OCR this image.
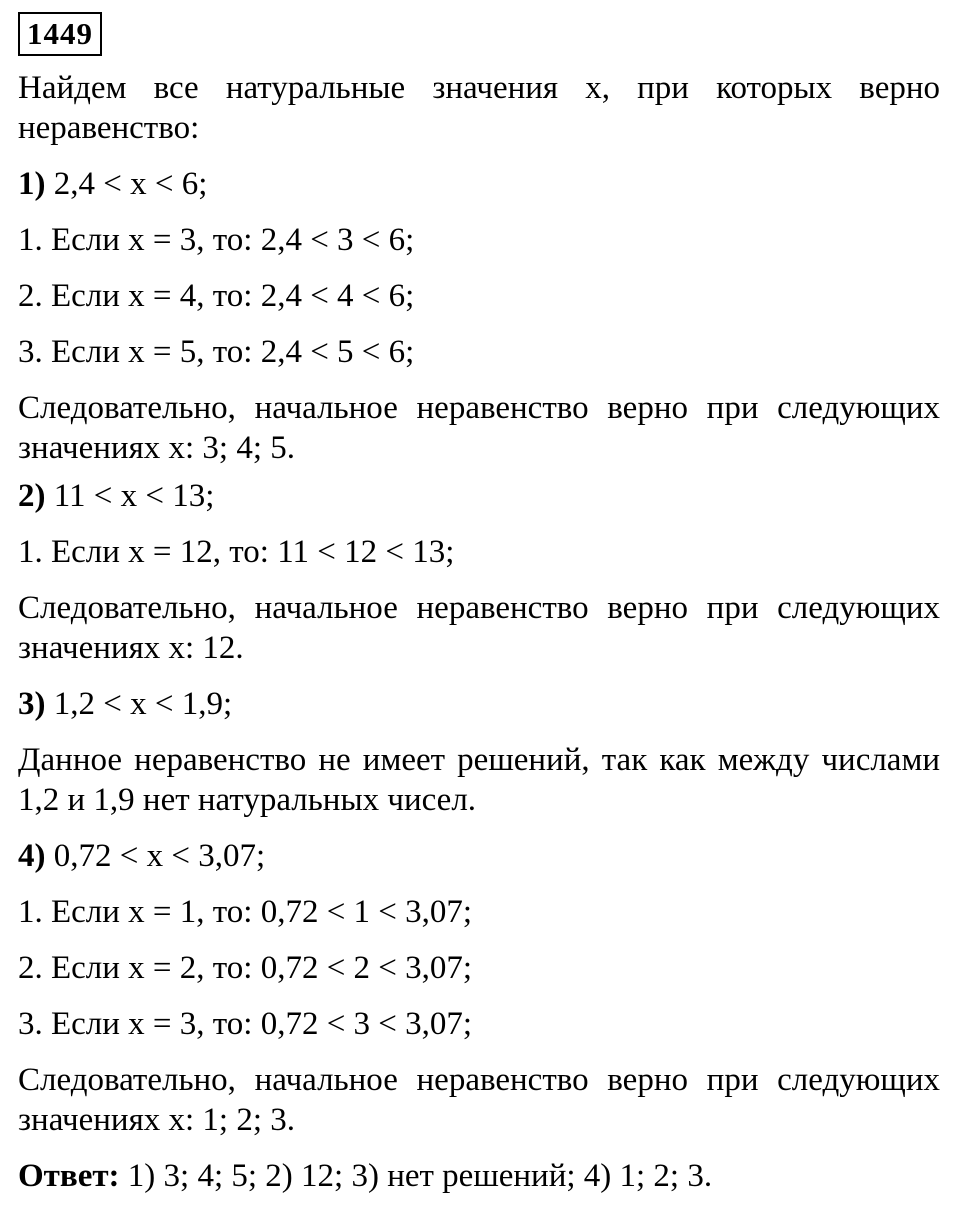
1449

Найдем все натуральные значения x, при которых верно неравенство:

1) 2,4 < x < 6;

1. Если x = 3, то: 2,4 < 3 < 6;

2. Если x = 4, то: 2,4 < 4 < 6;

3. Если x = 5, то: 2,4 < 5 < 6;

Следовательно, начальное неравенство верно при следующих значениях x: 3; 4; 5.

2) 11 < x < 13;

1. Если x = 12, то: 11 < 12 < 13;

Следовательно, начальное неравенство верно при следующих значениях x: 12.

3) 1,2 < x < 1,9;

Данное неравенство не имеет решений, так как между числами 1,2 и 1,9 нет натуральных чисел.

4) 0,72 < x < 3,07;

1. Если x = 1, то: 0,72 < 1 < 3,07;

2. Если x = 2, то: 0,72 < 2 < 3,07;

3. Если x = 3, то: 0,72 < 3 < 3,07;

Следовательно, начальное неравенство верно при следующих значениях x: 1; 2; 3.

Ответ: 1) 3; 4; 5; 2) 12; 3) нет решений; 4) 1; 2; 3.
